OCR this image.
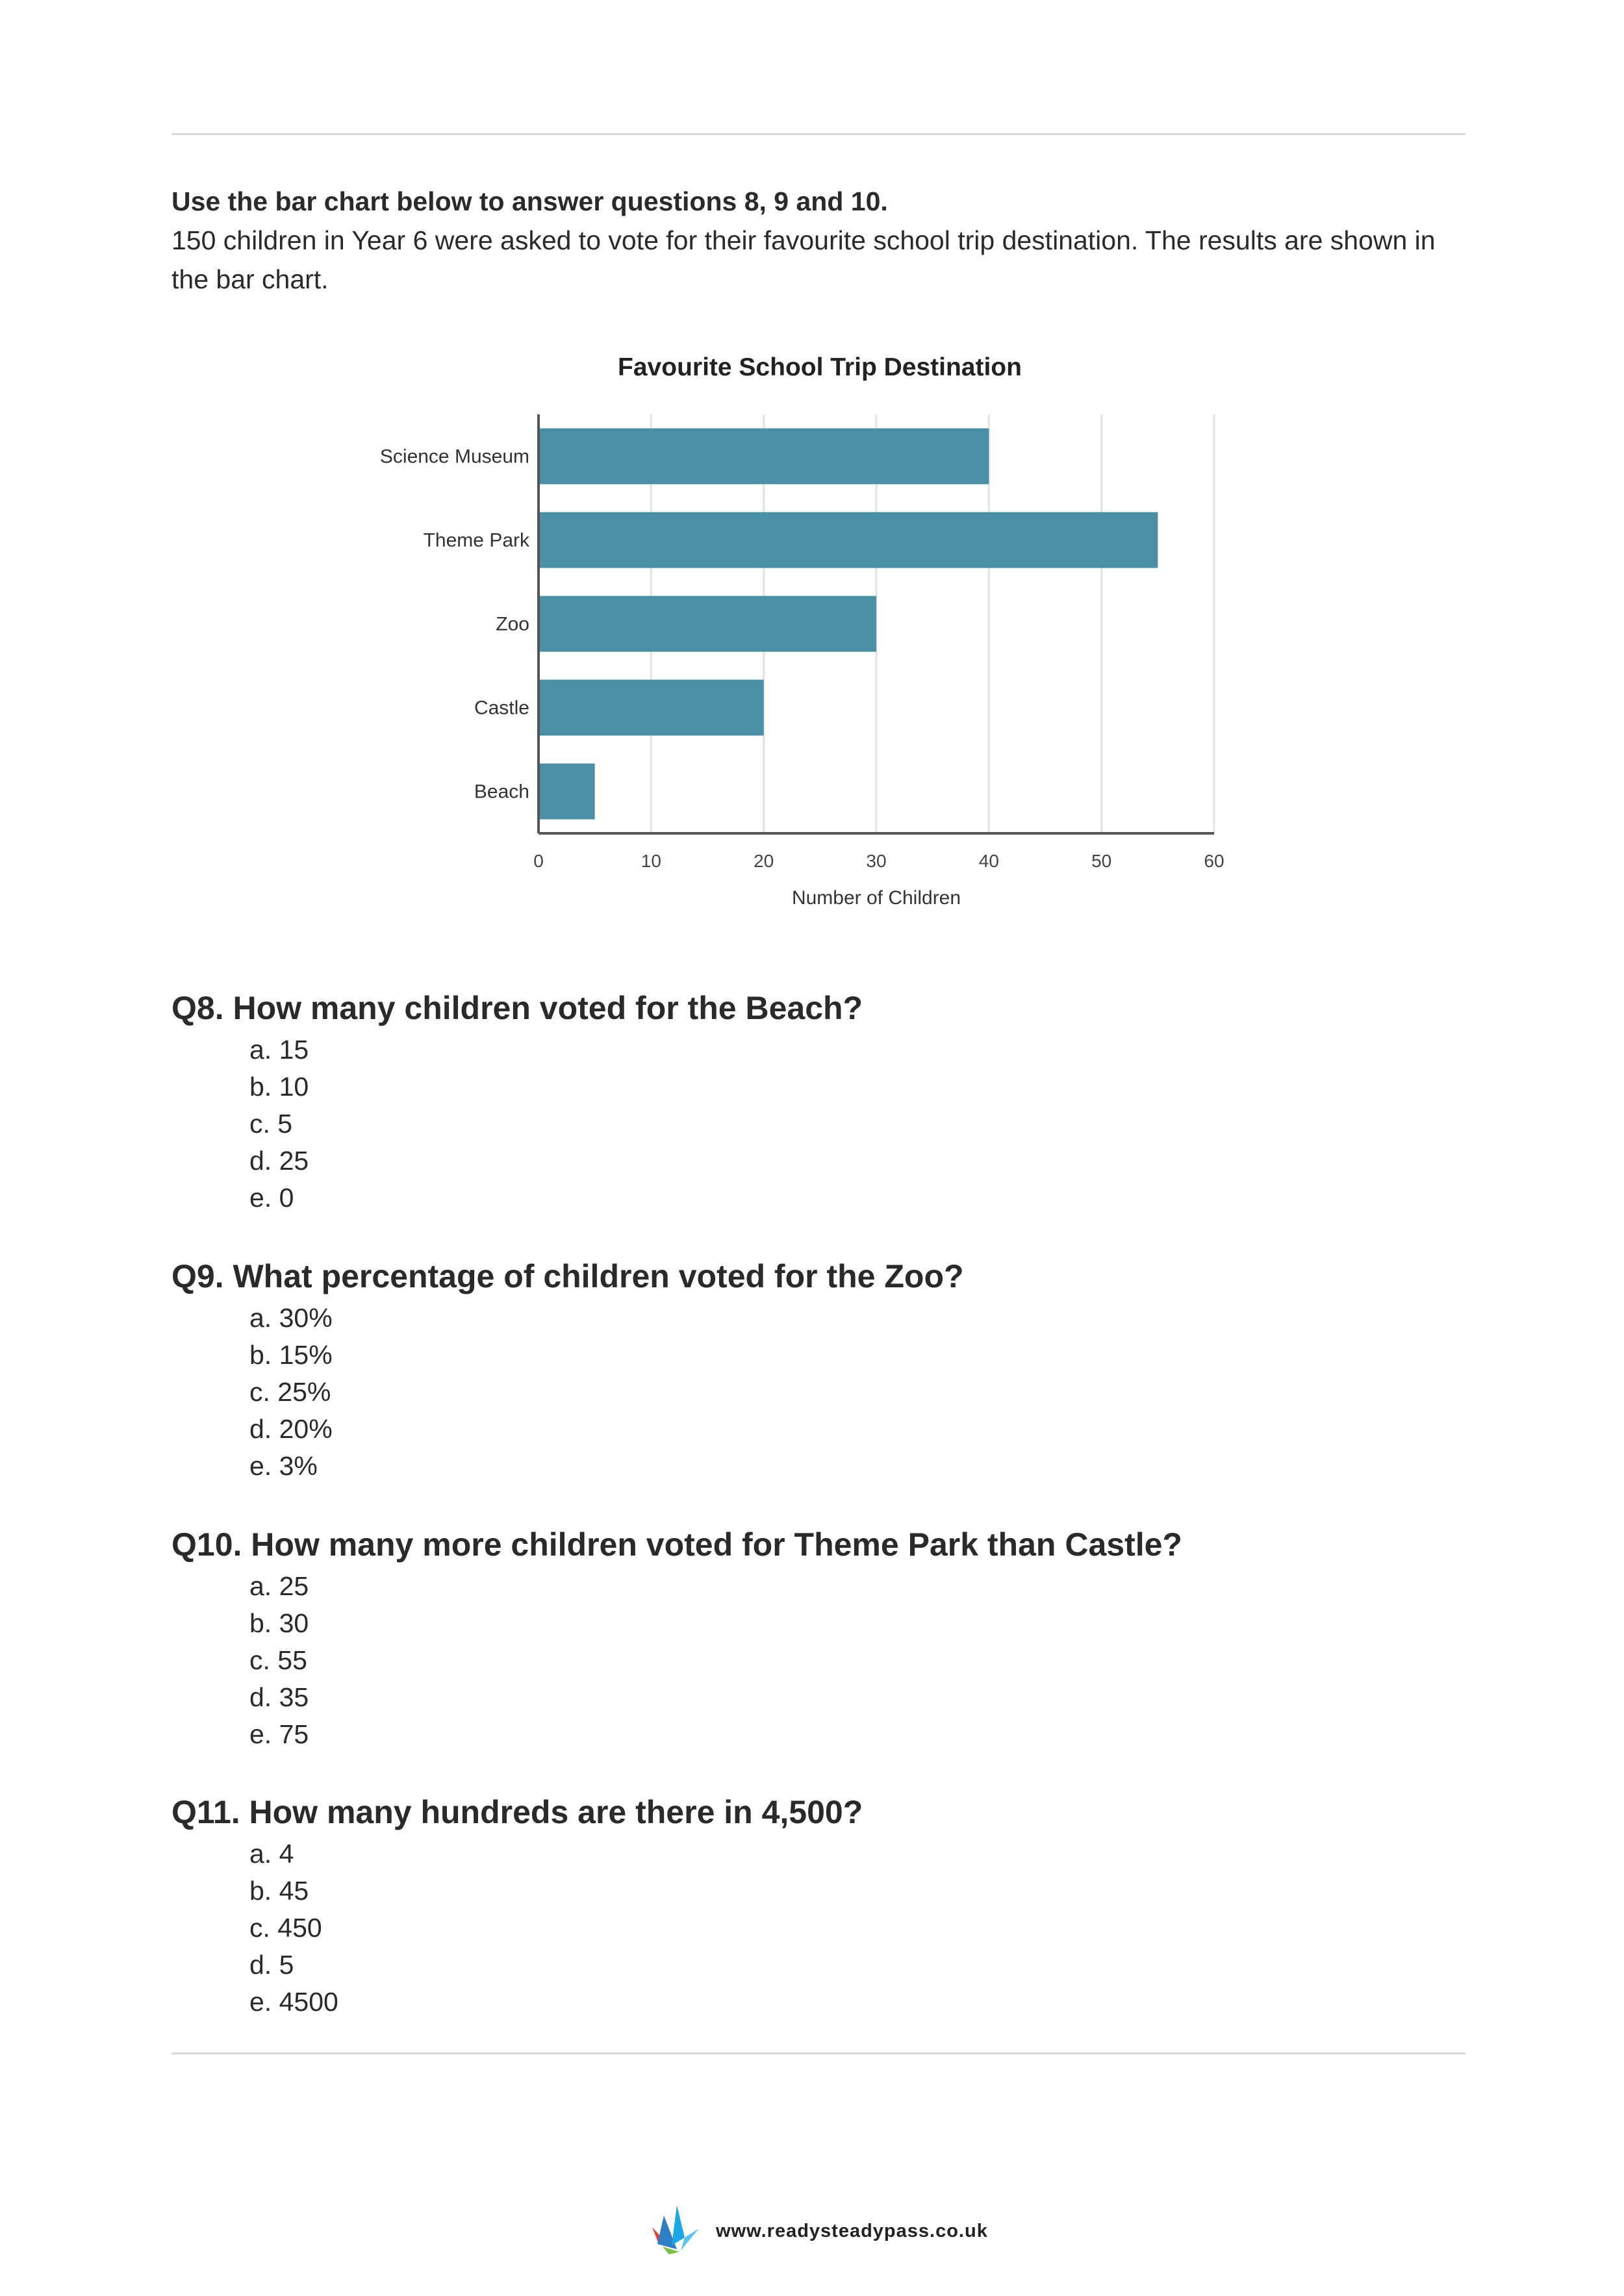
Use the bar chart below to answer questions 8, 9 and 10.
150 children in Year 6 were asked to vote for their favourite school trip destination. The results are shown in the bar chart.
Favourite School Trip Destination
0	10	20	30	40	50	60
Science Museum
Theme Park
Zoo
Castle
Beach
Number of Children
Q8. How many children voted for the Beach?
a. 15
b. 10
c. 5
d. 25
e. 0
Q9. What percentage of children voted for the Zoo?
a. 30%
b. 15%
c. 25%
d. 20%
e. 3%
Q10. How many more children voted for Theme Park than Castle?
a. 25
b. 30
c. 55
d. 35
e. 75
Q11. How many hundreds are there in 4,500?
a. 4
b. 45
c. 450
d. 5
e. 4500
www.readysteadypass.co.uk
